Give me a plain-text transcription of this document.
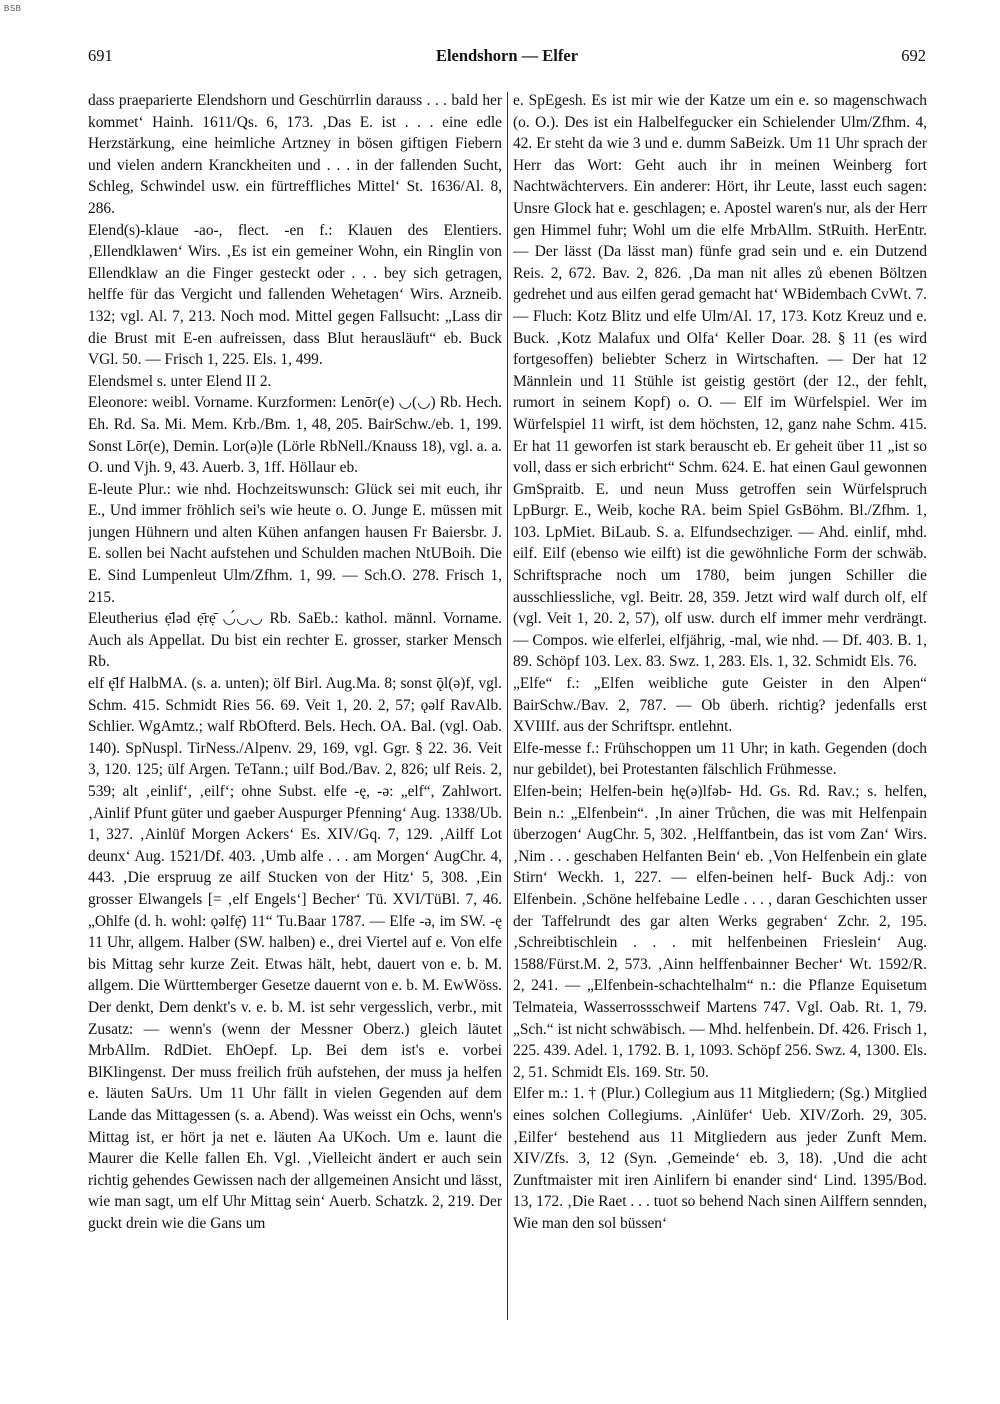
BSB
691	Elendshorn — Elfer	692

dass praeparierte Elendshorn und Geschürrlin darauss . . . bald her kommet‘ Hainh. 1611/Qs. 6, 173. ‚Das E. ist . . . eine edle Herzstärkung, eine heimliche Artzney in bösen giftigen Fiebern und vielen andern Kranckheiten und . . . in der fallenden Sucht, Schleg, Schwindel usw. ein fürtreffliches Mittel‘ St. 1636/Al. 8, 286.

Elend(s)-klaue -ao-, flect. -en f.: Klauen des Elentiers. ‚Ellendklawen‘ Wirs. ‚Es ist ein gemeiner Wohn, ein Ringlin von Ellendklaw an die Finger gesteckt oder . . . bey sich getragen, helffe für das Vergicht und fallenden Wehetagen‘ Wirs. Arzneib. 132; vgl. Al. 7, 213. Noch mod. Mittel gegen Fallsucht: „Lass dir die Brust mit E-en aufreissen, dass Blut herausläuft“ eb. Buck VGl. 50. — Frisch 1, 225. Els. 1, 499.

Elendsmel s. unter Elend II 2.

Eleonore: weibl. Vorname. Kurzformen: Lenōr(e) ◡(◡) Rb. Hech. Eh. Rd. Sa. Mi. Mem. Krb./Bm. 1, 48, 205. BairSchw./eb. 1, 199. Sonst Lōr(e), Demin. Lor(ə)le (Lörle RbNell./Knauss 18), vgl. a. a. O. und Vjh. 9, 43. Auerb. 3, 1ff. Höllaur eb.

E-leute Plur.: wie nhd. Hochzeitswunsch: Glück sei mit euch, ihr E., Und immer fröhlich sei's wie heute o. O. Junge E. müssen mit jungen Hühnern und alten Kühen anfangen hausen Fr Baiersbr. J. E. sollen bei Nacht aufstehen und Schulden machen NtUBoih. Die E. Sind Lumpenleut Ulm/Zfhm. 1, 99. — Sch.O. 278. Frisch 1, 215.

Eleutherius ẹ̄ləd ẹ̄rẹ̄ ◡́◡◡ Rb. SaEb.: kathol. männl. Vorname. Auch als Appellat. Du bist ein rechter E. grosser, starker Mensch Rb.

elf ę̄lf HalbMA. (s. a. unten); ölf Birl. Aug.Ma. 8; sonst ǭl(ə)f, vgl. Schm. 415. Schmidt Ries 56. 69. Veit 1, 20. 2, 57; ǫəlf RavAlb. Schlier. WgAmtz.; walf RbOfterd. Bels. Hech. OA. Bal. (vgl. Oab. 140). SpNuspl. TirNess./Alpenv. 29, 169, vgl. Ggr. § 22. 36. Veit 3, 120. 125; ülf Argen. TeTann.; uilf Bod./Bav. 2, 826; ulf Reis. 2, 539; alt ‚einlif‘, ‚eilf‘; ohne Subst. elfe -ę, -ə: „elf“, Zahlwort. ‚Ainlif Pfunt güter und gaeber Auspurger Pfenning‘ Aug. 1338/Ub. 1, 327. ‚Ainlüf Morgen Ackers‘ Es. XIV/Gq. 7, 129. ‚Ailff Lot deunx‘ Aug. 1521/Df. 403. ‚Umb alfe . . . am Morgen‘ AugChr. 4, 443. ‚Die erspruug ze ailf Stucken von der Hitz‘ 5, 308. ‚Ein grosser Elwangels [= ‚elf Engels‘] Becher‘ Tü. XVI/TüBl. 7, 46. „Ohlfe (d. h. wohl: ǫəlfẹ̄) 11“ Tu.Baar 1787. — Elfe -ə, im SW. -ę 11 Uhr, allgem. Halber (SW. halben) e., drei Viertel auf e. Von elfe bis Mittag sehr kurze Zeit. Etwas hält, hebt, dauert von e. b. M. allgem. Die Württemberger Gesetze dauernt von e. b. M. EwWöss. Der denkt, Dem denkt's v. e. b. M. ist sehr vergesslich, verbr., mit Zusatz: — wenn's (wenn der Messner Oberz.) gleich läutet MrbAllm. RdDiet. EhOepf. Lp. Bei dem ist's e. vorbei BlKlingenst. Der muss freilich früh aufstehen, der muss ja helfen e. läuten SaUrs. Um 11 Uhr fällt in vielen Gegenden auf dem Lande das Mittagessen (s. a. Abend). Was weisst ein Ochs, wenn's Mittag ist, er hört ja net e. läuten Aa UKoch. Um e. launt die Maurer die Kelle fallen Eh. Vgl. ‚Vielleicht ändert er auch sein richtig gehendes Gewissen nach der allgemeinen Ansicht und lässt, wie man sagt, um elf Uhr Mittag sein‘ Auerb. Schatzk. 2, 219. Der guckt drein wie die Gans um

e. SpEgesh. Es ist mir wie der Katze um ein e. so magenschwach (o. O.). Des ist ein Halbelfegucker ein Schielender Ulm/Zfhm. 4, 42. Er steht da wie 3 und e. dumm SaBeizk. Um 11 Uhr sprach der Herr das Wort: Geht auch ihr in meinen Weinberg fort Nachtwächtervers. Ein anderer: Hört, ihr Leute, lasst euch sagen: Unsre Glock hat e. geschlagen; e. Apostel waren's nur, als der Herr gen Himmel fuhr; Wohl um die elfe MrbAllm. StRuith. HerEntr. — Der lässt (Da lässt man) fünfe grad sein und e. ein Dutzend Reis. 2, 672. Bav. 2, 826. ‚Da man nit alles zů ebenen Böltzen gedrehet und aus eilfen gerad gemacht hat‘ WBidembach CvWt. 7. — Fluch: Kotz Blitz und elfe Ulm/Al. 17, 173. Kotz Kreuz und e. Buck. ‚Kotz Malafux und Olfa‘ Keller Doar. 28. § 11 (es wird fortgesoffen) beliebter Scherz in Wirtschaften. — Der hat 12 Männlein und 11 Stühle ist geistig gestört (der 12., der fehlt, rumort in seinem Kopf) o. O. — Elf im Würfelspiel. Wer im Würfelspiel 11 wirft, ist dem höchsten, 12, ganz nahe Schm. 415. Er hat 11 geworfen ist stark berauscht eb. Er geheit über 11 „ist so voll, dass er sich erbricht“ Schm. 624. E. hat einen Gaul gewonnen GmSpraitb. E. und neun Muss getroffen sein Würfelspruch LpBurgr. E., Weib, koche RA. beim Spiel GsBöhm. Bl./Zfhm. 1, 103. LpMiet. BiLaub. S. a. Elfundsechziger. — Ahd. einlif, mhd. eilf. Eilf (ebenso wie eilft) ist die gewöhnliche Form der schwäb. Schriftsprache noch um 1780, beim jungen Schiller die ausschliessliche, vgl. Beitr. 28, 359. Jetzt wird walf durch olf, elf (vgl. Veit 1, 20. 2, 57), olf usw. durch elf immer mehr verdrängt. — Compos. wie elferlei, elfjährig, -mal, wie nhd. — Df. 403. B. 1, 89. Schöpf 103. Lex. 83. Swz. 1, 283. Els. 1, 32. Schmidt Els. 76.

„Elfe“ f.: „Elfen weibliche gute Geister in den Alpen“ BairSchw./Bav. 2, 787. — Ob überh. richtig? jedenfalls erst XVIIIf. aus der Schriftspr. entlehnt.

Elfe-messe f.: Frühschoppen um 11 Uhr; in kath. Gegenden (doch nur gebildet), bei Protestanten fälschlich Frühmesse.

Elfen-bein; Helfen-bein hę(ə)lfəb- Hd. Gs. Rd. Rav.; s. helfen, Bein n.: „Elfenbein“. ‚In ainer Trůchen, die was mit Helfenpain überzogen‘ AugChr. 5, 302. ‚Helffantbein, das ist vom Zan‘ Wirs. ‚Nim . . . geschaben Helfanten Bein‘ eb. ‚Von Helfenbein ein glate Stirn‘ Weckh. 1, 227. — elfen-beinen helf- Buck Adj.: von Elfenbein. ‚Schöne helfebaine Ledle . . . , daran Geschichten usser der Taffelrundt des gar alten Werks gegraben‘ Zchr. 2, 195. ‚Schreibtischlein . . . mit helfenbeinen Frieslein‘ Aug. 1588/Fürst.M. 2, 573. ‚Ainn helffenbainner Becher‘ Wt. 1592/R. 2, 241. — „Elfenbein-schachtelhalm“ n.: die Pflanze Equisetum Telmateia, Wasserrossschweif Martens 747. Vgl. Oab. Rt. 1, 79. „Sch.“ ist nicht schwäbisch. — Mhd. helfenbein. Df. 426. Frisch 1, 225. 439. Adel. 1, 1792. B. 1, 1093. Schöpf 256. Swz. 4, 1300. Els. 2, 51. Schmidt Els. 169. Str. 50.

Elfer m.: 1. † (Plur.) Collegium aus 11 Mitgliedern; (Sg.) Mitglied eines solchen Collegiums. ‚Ainlüfer‘ Ueb. XIV/Zorh. 29, 305. ‚Eilfer‘ bestehend aus 11 Mitgliedern aus jeder Zunft Mem. XIV/Zfs. 3, 12 (Syn. ‚Gemeinde‘ eb. 3, 18). ‚Und die acht Zunftmaister mit iren Ainlifern bi enander sind‘ Lind. 1395/Bod. 13, 172. ‚Die Raet . . . tuot so behend Nach sinen Ailffern sennden, Wie man den sol büssen‘
